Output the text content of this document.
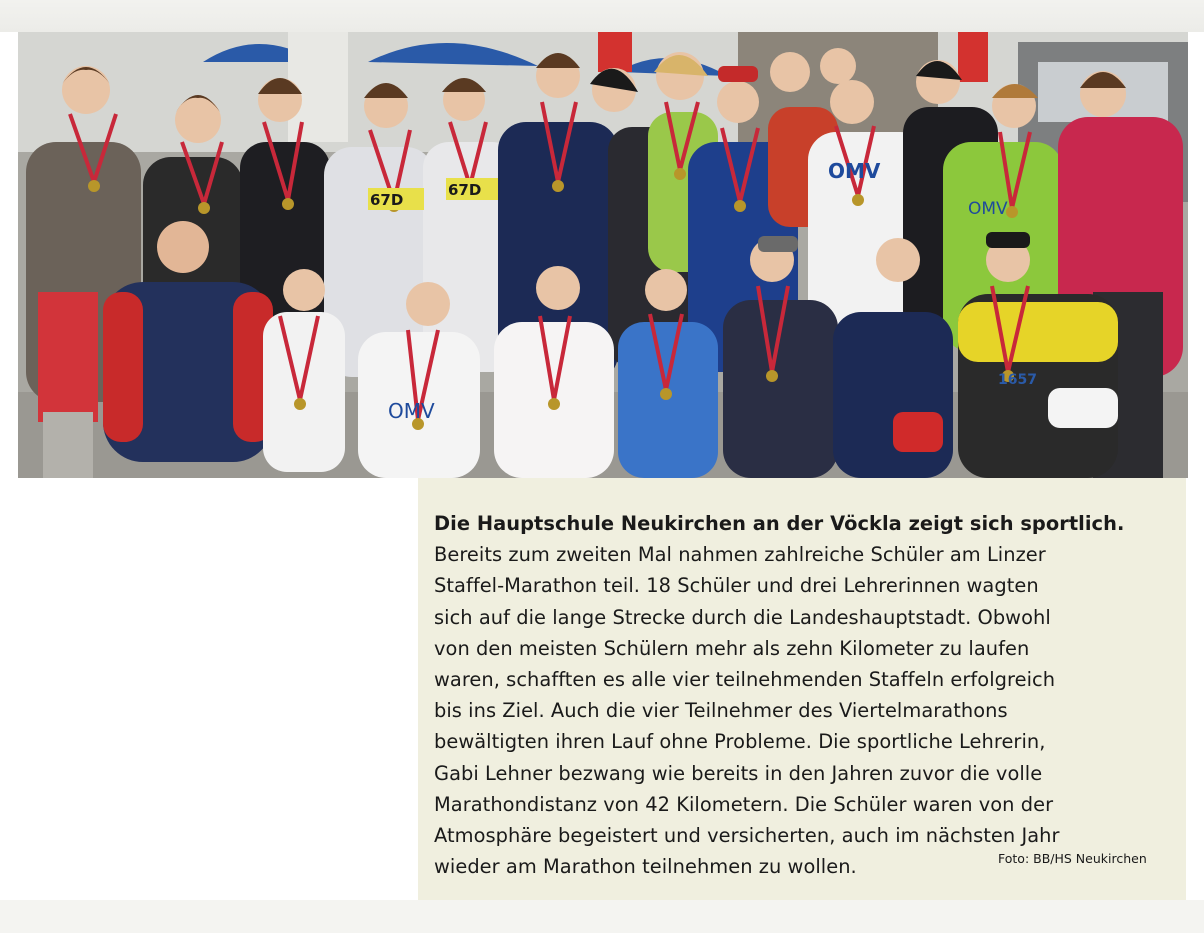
67D
67D
1657
OMV
OMV
OMV
Die Hauptschule Neukirchen an der Vöckla zeigt sich sportlich.
Bereits zum zweiten Mal nahmen zahlreiche Schüler am Linzer
Staffel-Marathon teil. 18 Schüler und drei Lehrerinnen wagten
sich auf die lange Strecke durch die Landeshauptstadt. Obwohl
von den meisten Schülern mehr als zehn Kilometer zu laufen
waren, schafften es alle vier teilnehmenden Staffeln erfolgreich
bis ins Ziel. Auch die vier Teilnehmer des Viertelmarathons
bewältigten ihren Lauf ohne Probleme. Die sportliche Lehrerin,
Gabi Lehner bezwang wie bereits in den Jahren zuvor die volle
Marathondistanz von 42 Kilometern. Die Schüler waren von der
Atmosphäre begeistert und versicherten, auch im nächsten Jahr
wieder am Marathon teilnehmen zu wollen.	Foto: BB/HS Neukirchen
